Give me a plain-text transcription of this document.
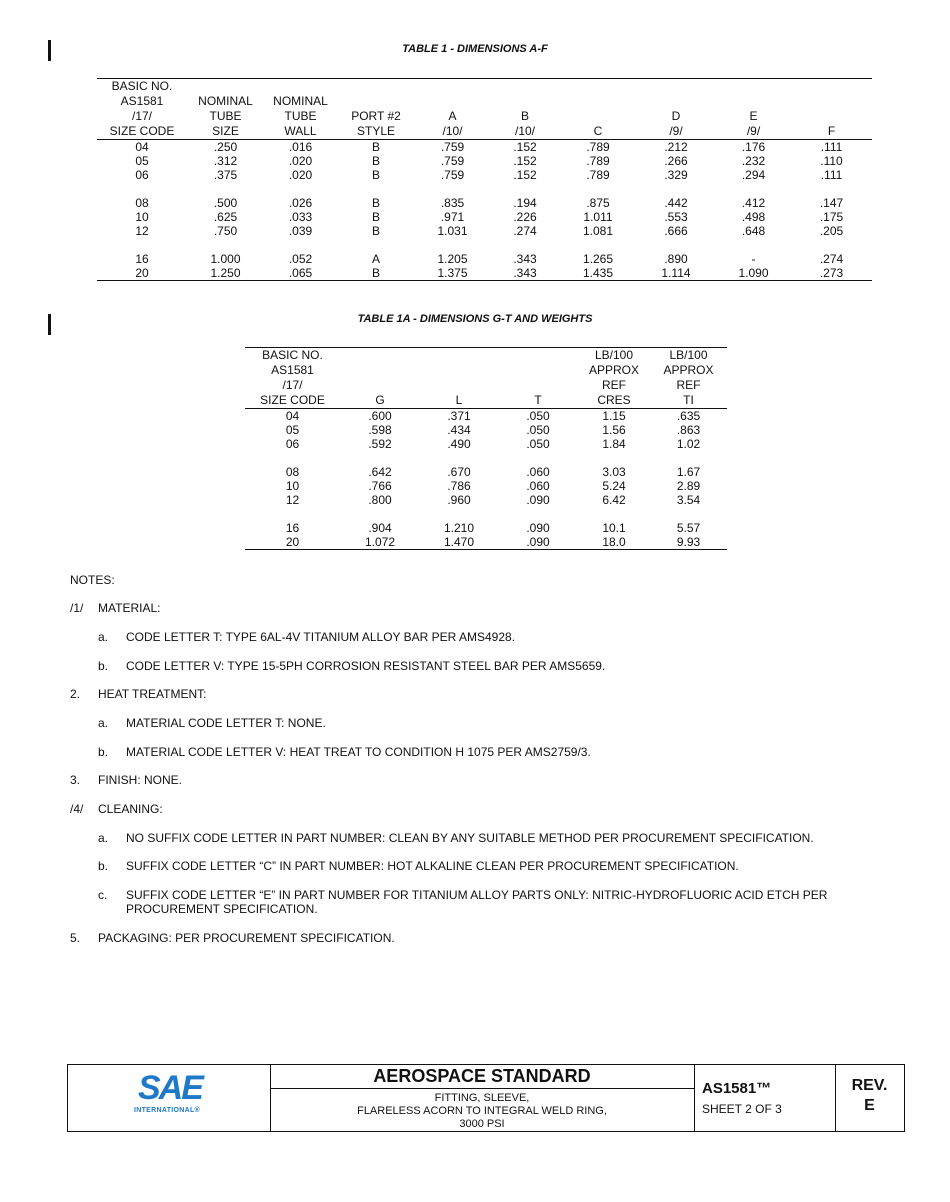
TABLE 1 - DIMENSIONS A-F
BASIC NO.									
AS1581	NOMINAL	NOMINAL							
/17/	TUBE	TUBE	PORT #2	A	B		D	E	
SIZE CODE	SIZE	WALL	STYLE	/10/	/10/	C	/9/	/9/	F
04	.250	.016	B	.759	.152	.789	.212	.176	.111
05	.312	.020	B	.759	.152	.789	.266	.232	.110
06	.375	.020	B	.759	.152	.789	.329	.294	.111

08	.500	.026	B	.835	.194	.875	.442	.412	.147
10	.625	.033	B	.971	.226	1.011	.553	.498	.175
12	.750	.039	B	1.031	.274	1.081	.666	.648	.205

16	1.000	.052	A	1.205	.343	1.265	.890	-	.274
20	1.250	.065	B	1.375	.343	1.435	1.114	1.090	.273
TABLE 1A - DIMENSIONS G-T AND WEIGHTS
BASIC NO.				LB/100	LB/100
AS1581				APPROX	APPROX
/17/				REF	REF
SIZE CODE	G	L	T	CRES	TI
04	.600	.371	.050	1.15	.635
05	.598	.434	.050	1.56	.863
06	.592	.490	.050	1.84	1.02

08	.642	.670	.060	3.03	1.67
10	.766	.786	.060	5.24	2.89
12	.800	.960	.090	6.42	3.54

16	.904	1.210	.090	10.1	5.57
20	1.072	1.470	.090	18.0	9.93
NOTES:
/1/ MATERIAL:
a. CODE LETTER T: TYPE 6AL-4V TITANIUM ALLOY BAR PER AMS4928.
b. CODE LETTER V: TYPE 15-5PH CORROSION RESISTANT STEEL BAR PER AMS5659.
2. HEAT TREATMENT:
a. MATERIAL CODE LETTER T: NONE.
b. MATERIAL CODE LETTER V: HEAT TREAT TO CONDITION H 1075 PER AMS2759/3.
3. FINISH: NONE.
/4/ CLEANING:
a. NO SUFFIX CODE LETTER IN PART NUMBER: CLEAN BY ANY SUITABLE METHOD PER PROCUREMENT SPECIFICATION.
b. SUFFIX CODE LETTER “C” IN PART NUMBER: HOT ALKALINE CLEAN PER PROCUREMENT SPECIFICATION.
c. SUFFIX CODE LETTER “E” IN PART NUMBER FOR TITANIUM ALLOY PARTS ONLY: NITRIC-HYDROFLUORIC ACID ETCH PER PROCUREMENT SPECIFICATION.
5. PACKAGING: PER PROCUREMENT SPECIFICATION.
SAE
INTERNATIONAL®
AEROSPACE STANDARD
FITTING, SLEEVE,
FLARELESS ACORN TO INTEGRAL WELD RING,
3000 PSI
AS1581™
SHEET 2 OF 3
REV.
E
